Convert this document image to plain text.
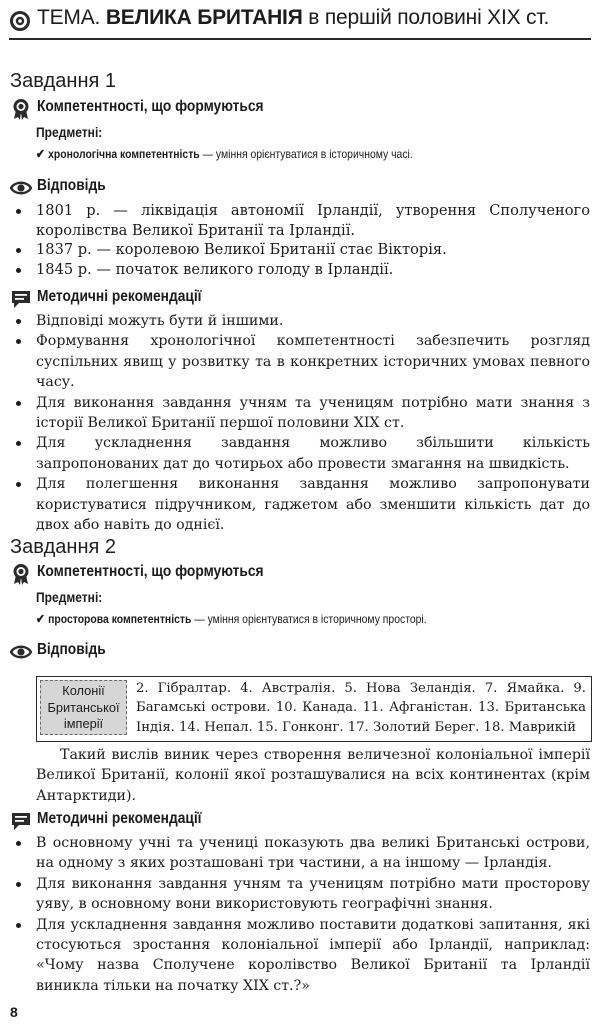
ТЕМА. ВЕЛИКА БРИТАНІЯ в першій половині XIX ст.
Завдання 1
Компетентності, що формуються
Предметні:
✔ хронологічна компетентність — уміння орієнтуватися в історичному часі.
Відповідь
1801 р. — ліквідація автономії Ірландії, утворення Сполученого королівства Великої Британії та Ірландії.
1837 р. — королевою Великої Британії стає Вікторія.
1845 р. — початок великого голоду в Ірландії.
Методичні рекомендації
Відповіді можуть бути й іншими.
Формування хронологічної компетентності забезпечить розгляд суспільних явищ у розвитку та в конкретних історичних умовах певного часу.
Для виконання завдання учням та ученицям потрібно мати знання з історії Великої Британії першої половини XIX ст.
Для ускладнення завдання можливо збільшити кількість запропонованих дат до чотирьох або провести змагання на швидкість.
Для полегшення виконання завдання можливо запропонувати користуватися підручником, гаджетом або зменшити кількість дат до двох або навіть до однієї.
Завдання 2
Компетентності, що формуються
Предметні:
✔ просторова компетентність — уміння орієнтуватися в історичному просторі.
Відповідь
Колонії Британської імперії
2. Гібралтар. 4. Австралія. 5. Нова Зеландія. 7. Ямайка. 9. Багамські острови. 10. Канада. 11. Афганістан. 13. Британська Індія. 14. Непал. 15. Гонконг. 17. Золотий Берег. 18. Маврикій
Такий вислів виник через створення величезної колоніальної імперії Великої Британії, колонії якої розташувалися на всіх континентах (крім Антарктиди).
Методичні рекомендації
В основному учні та учениці показують два великі Британські острови, на одному з яких розташовані три частини, а на іншому — Ірландія.
Для виконання завдання учням та ученицям потрібно мати просторову уяву, в основному вони використовують географічні знання.
Для ускладнення завдання можливо поставити додаткові запитання, які стосуються зростання колоніальної імперії або Ірландії, наприклад: «Чому назва Сполучене королівство Великої Британії та Ірландії виникла тільки на початку XIX ст.?»
8
